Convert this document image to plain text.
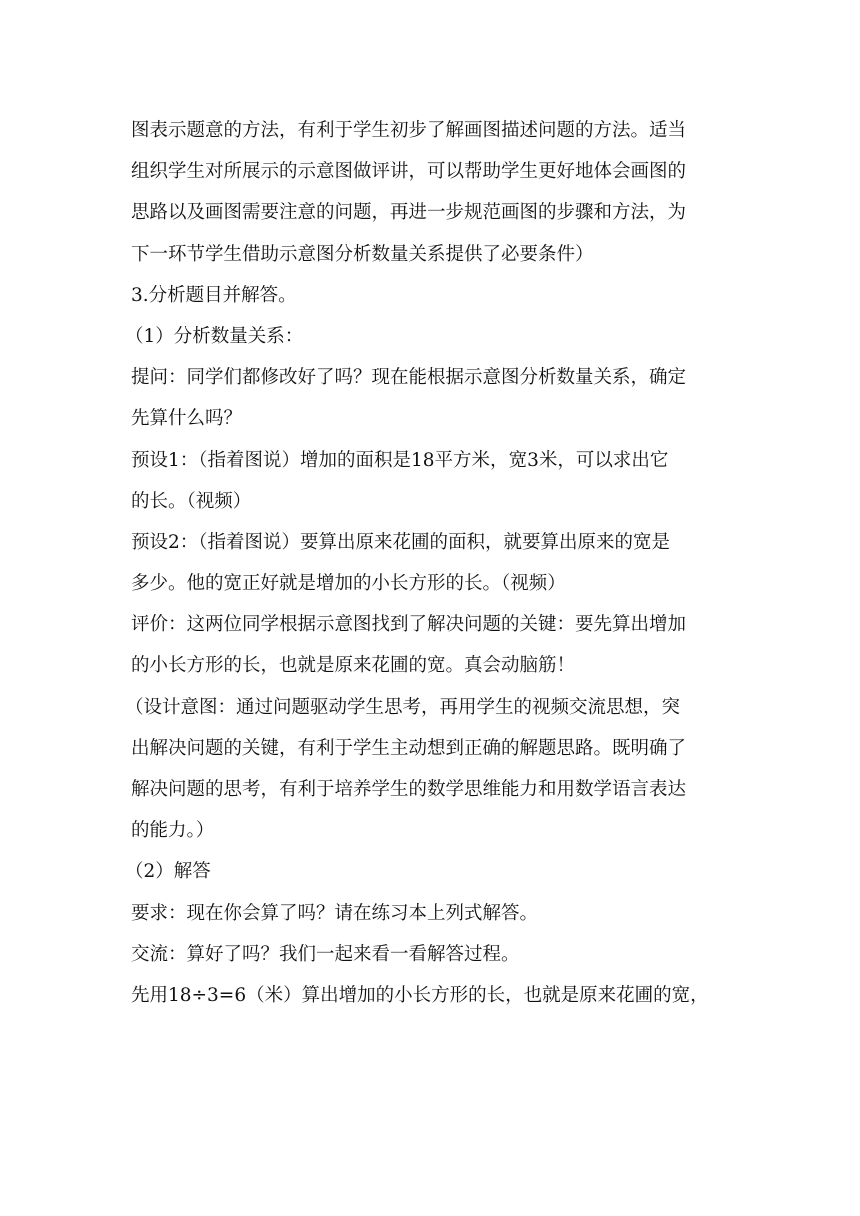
图表示题意的方法，有利于学生初步了解画图描述问题的方法。适当
组织学生对所展示的示意图做评讲，可以帮助学生更好地体会画图的
思路以及画图需要注意的问题，再进一步规范画图的步骤和方法，为
下一环节学生借助示意图分析数量关系提供了必要条件）
3.分析题目并解答。
（1）分析数量关系：
提问：同学们都修改好了吗？现在能根据示意图分析数量关系，确定
先算什么吗？
预设1：（指着图说）增加的面积是18平方米，宽3米，可以求出它
的长。（视频）
预设2：（指着图说）要算出原来花圃的面积，就要算出原来的宽是
多少。他的宽正好就是增加的小长方形的长。（视频）
评价：这两位同学根据示意图找到了解决问题的关键：要先算出增加
的小长方形的长，也就是原来花圃的宽。真会动脑筋！
（设计意图：通过问题驱动学生思考，再用学生的视频交流思想，突
出解决问题的关键，有利于学生主动想到正确的解题思路。既明确了
解决问题的思考，有利于培养学生的数学思维能力和用数学语言表达
的能力。）
（2）解答
要求：现在你会算了吗？请在练习本上列式解答。
交流：算好了吗？我们一起来看一看解答过程。
先用18÷3=6（米）算出增加的小长方形的长，也就是原来花圃的宽，
